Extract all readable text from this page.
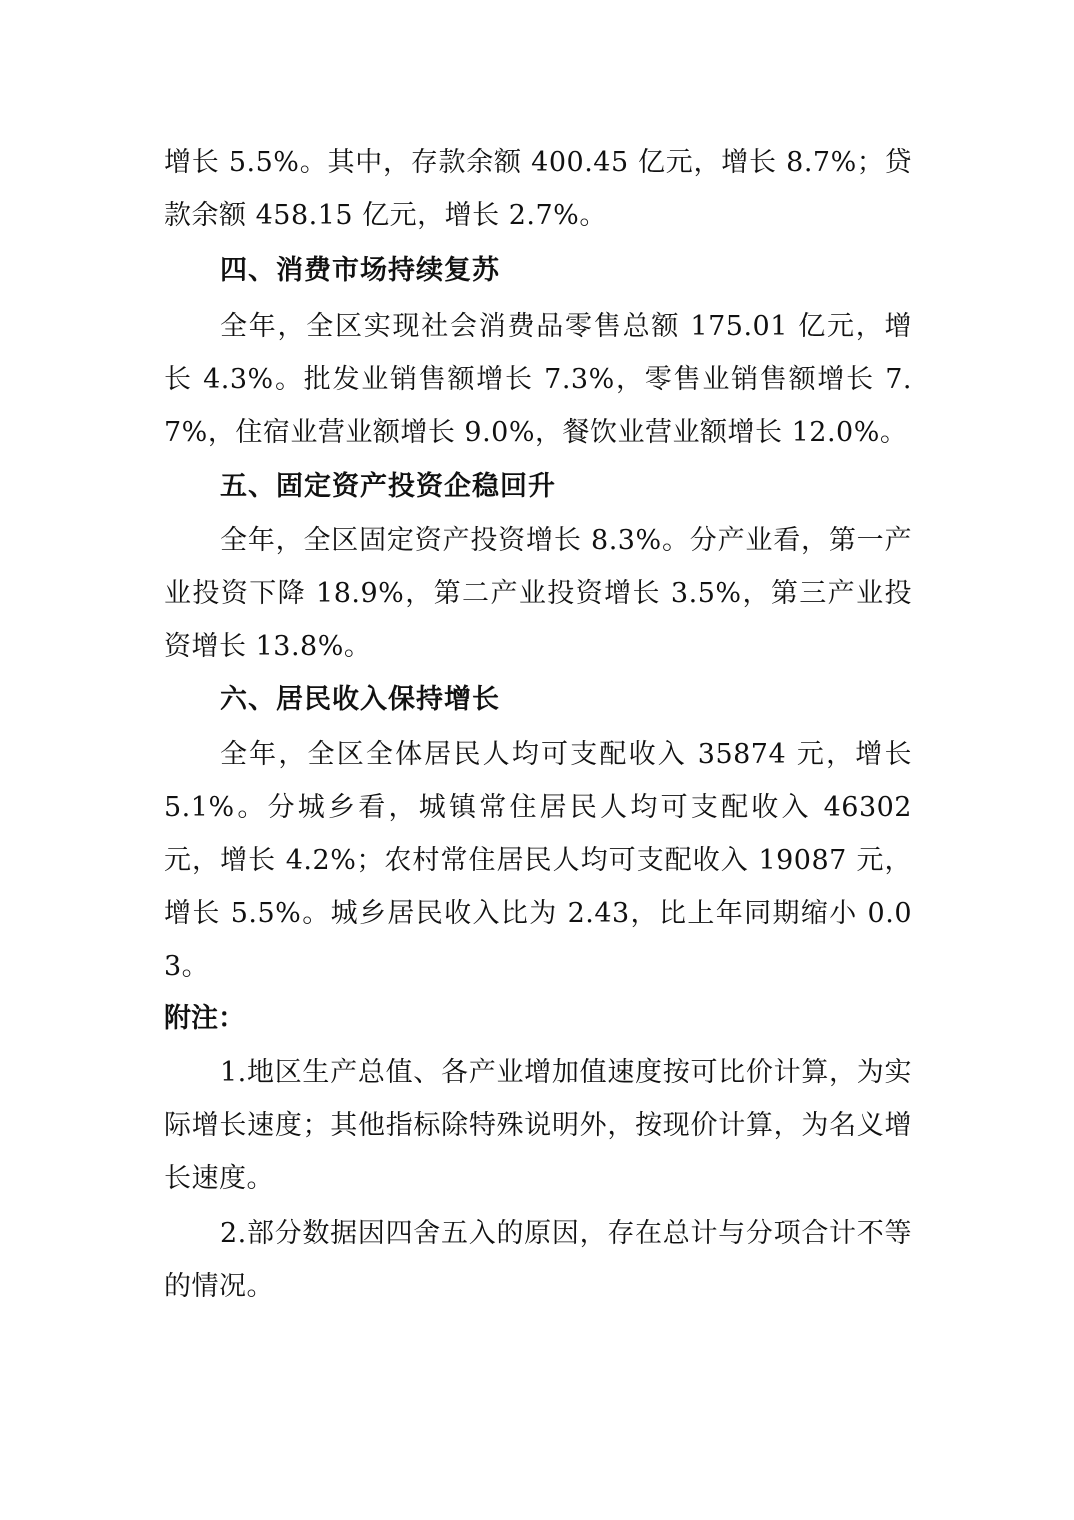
增长 5.5%。其中，存款余额 400.45 亿元，增长 8.7%；贷款余额 458.15 亿元，增长 2.7%。

四、消费市场持续复苏

全年，全区实现社会消费品零售总额 175.01 亿元，增长 4.3%。批发业销售额增长 7.3%，零售业销售额增长 7.7%，住宿业营业额增长 9.0%，餐饮业营业额增长 12.0%。

五、固定资产投资企稳回升

全年，全区固定资产投资增长 8.3%。分产业看，第一产业投资下降 18.9%，第二产业投资增长 3.5%，第三产业投资增长 13.8%。

六、居民收入保持增长

全年，全区全体居民人均可支配收入 35874 元，增长 5.1%。分城乡看，城镇常住居民人均可支配收入 46302 元，增长 4.2%；农村常住居民人均可支配收入 19087 元，增长 5.5%。城乡居民收入比为 2.43，比上年同期缩小 0.03。

附注：

1.地区生产总值、各产业增加值速度按可比价计算，为实际增长速度；其他指标除特殊说明外，按现价计算，为名义增长速度。

2.部分数据因四舍五入的原因，存在总计与分项合计不等的情况。
